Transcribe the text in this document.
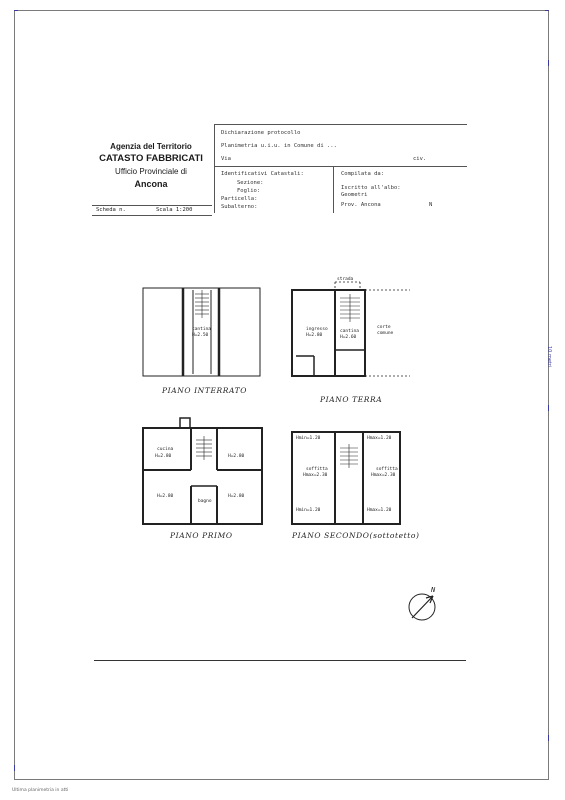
Agenzia del Territorio
CATASTO FABBRICATI
Ufficio Provinciale di
Ancona
Dichiarazione protocollo
Planimetria u.i.u. in Comune di ...
Via	civ.
Identificativi Catastali:
Sezione:
Foglio:
Particella:
Subalterno:
Compilata da:
Iscritto all'albo:
Geometri
Prov. Ancona	N
Scheda n.	Scala 1:200
cantina
H=2.50
ingresso
H=2.80
cantina
H=2.60
corte
comune
strada
cucina
H=2.80	H=2.80
H=2.80	H=2.80
bagno
Hmin=1.20	Hmax=1.20
soffitta
Hmax=2.30
soffitta
Hmax=2.30
Hmin=1.20	Hmax=1.20
PIANO INTERRATO
PIANO TERRA
PIANO PRIMO	PIANO SECONDO(sottotetto)
N
10 metri
Ultima planimetria in atti
